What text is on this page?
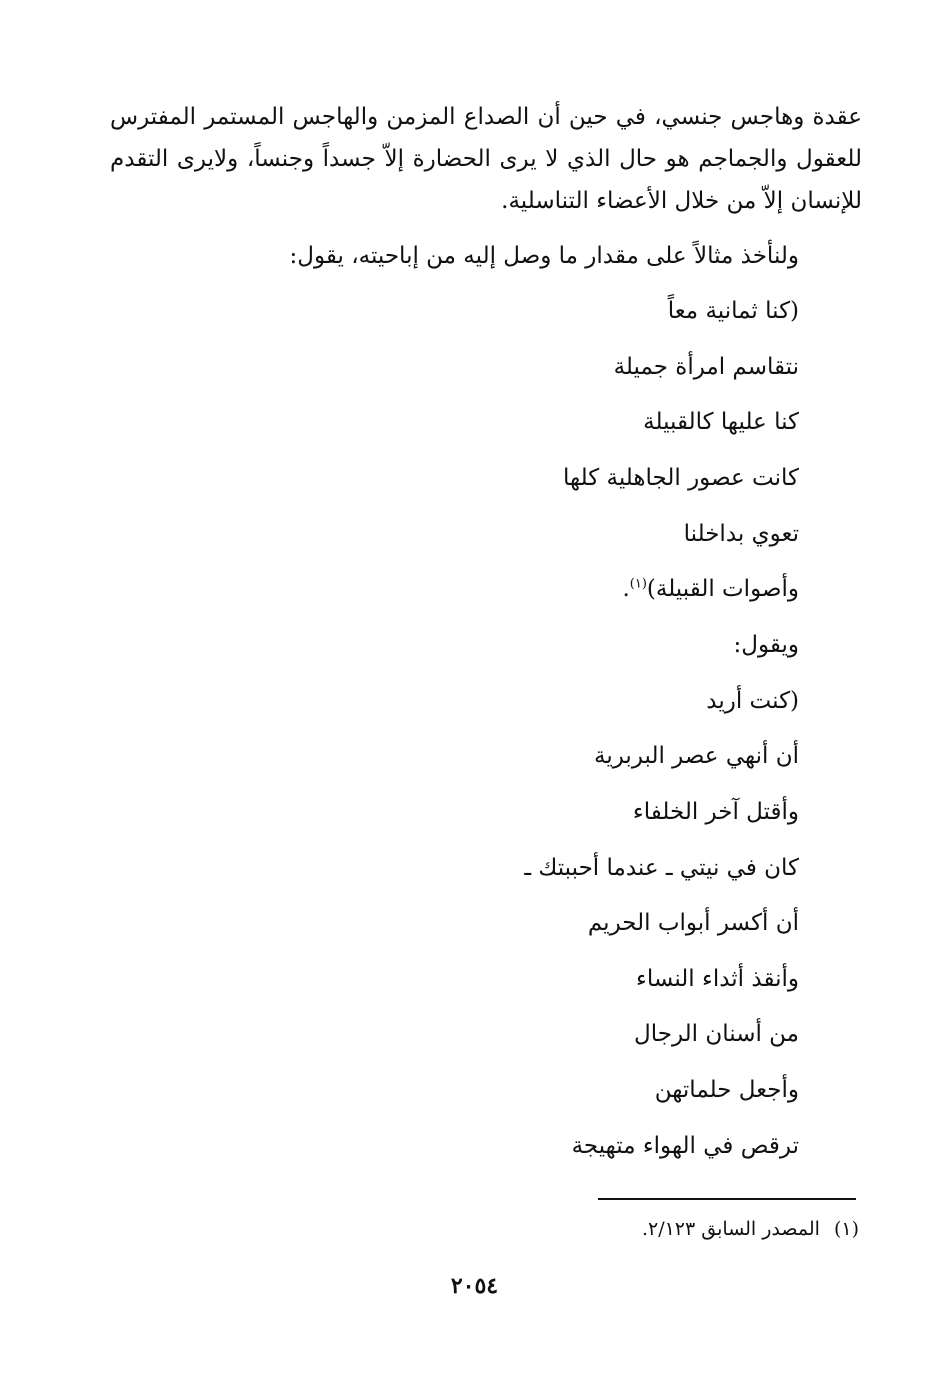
عقدة وهاجس جنسي، في حين أن الصداع المزمن والهاجس المستمر المفترس للعقول والجماجم هو حال الذي لا يرى الحضارة إلاّ جسداً وجنساً، ولايرى التقدم للإنسان إلاّ من خلال الأعضاء التناسلية.

ولنأخذ مثالاً على مقدار ما وصل إليه من إباحيته، يقول:

(كنا ثمانية معاً

نتقاسم امرأة جميلة

كنا عليها كالقبيلة

كانت عصور الجاهلية كلها

تعوي بداخلنا

وأصوات القبيلة)$^{(١)}$.

ويقول:

(كنت أريد

أن أنهي عصر البربرية

وأقتل آخر الخلفاء

كان في نيتي ـ عندما أحببتك ـ

أن أكسر أبواب الحريم

وأنقذ أثداء النساء

من أسنان الرجال

وأجعل حلماتهن

ترقص في الهواء متهيجة

(١)المصدر السابق ٢/١٢٣.

٢٠٥٤
